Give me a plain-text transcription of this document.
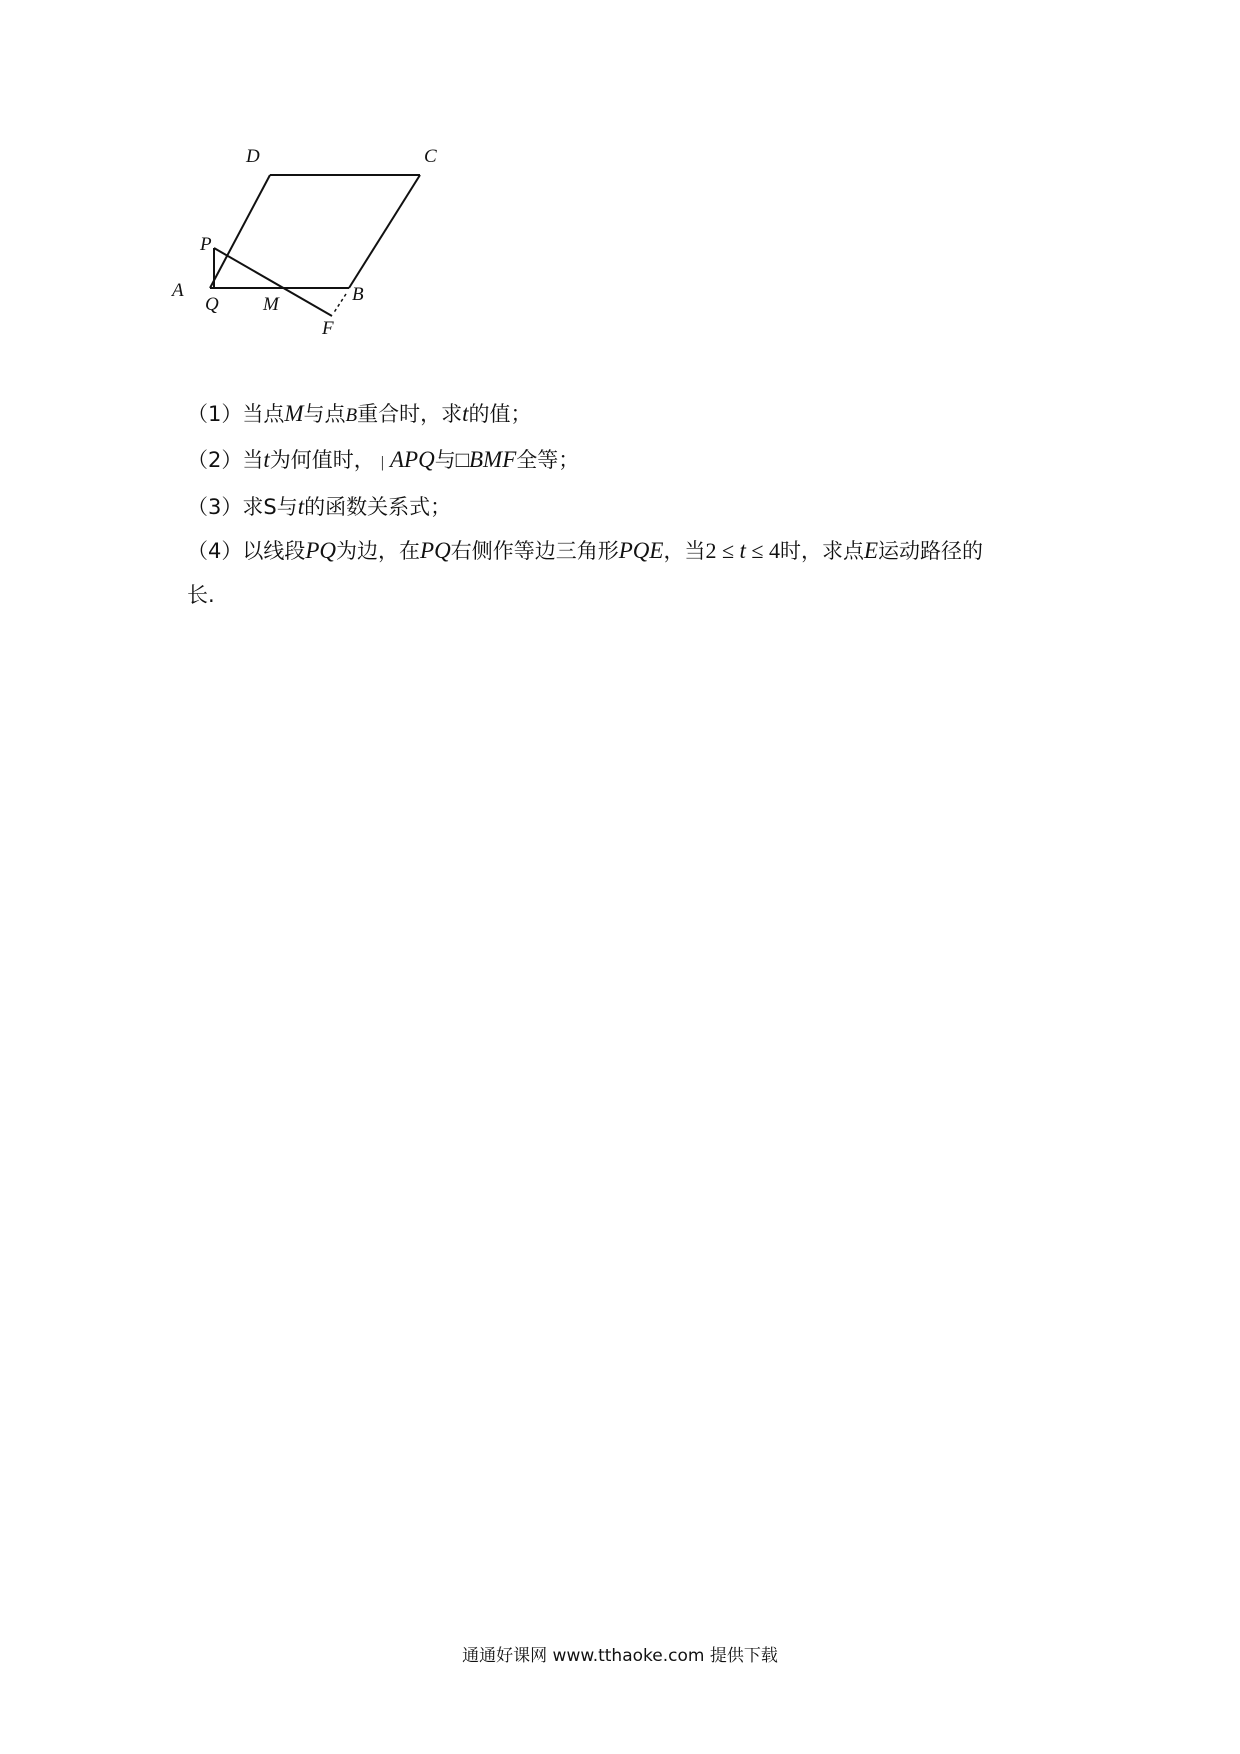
D	C
P
A
Q M	B
F
（1）当点M与点B重合时，求t的值；
（2）当t为何值时， | APQ与□BMF全等；
（3）求S与t的函数关系式；
（4）以线段PQ为边，在PQ右侧作等边三角形PQE，当2 ≤ t ≤ 4时，求点E运动路径的
长.
通通好课网 www.tthaoke.com 提供下载
